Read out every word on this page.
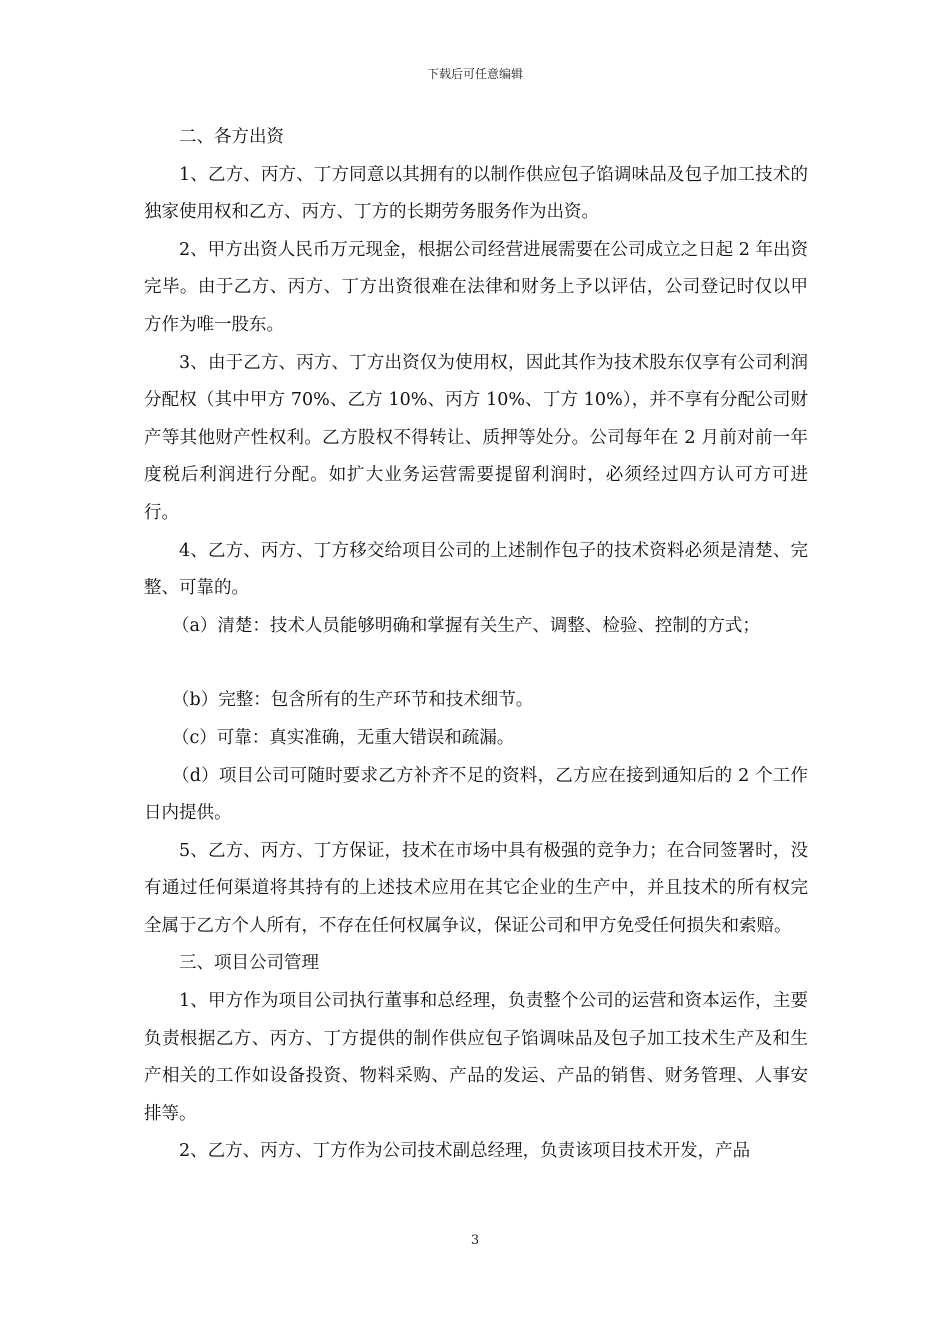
下载后可任意编辑

二、各方出资

1、乙方、丙方、丁方同意以其拥有的以制作供应包子馅调味品及包子加工技术的独家使用权和乙方、丙方、丁方的长期劳务服务作为出资。

2、甲方出资人民币万元现金，根据公司经营进展需要在公司成立之日起 2 年出资完毕。由于乙方、丙方、丁方出资很难在法律和财务上予以评估，公司登记时仅以甲方作为唯一股东。

3、由于乙方、丙方、丁方出资仅为使用权，因此其作为技术股东仅享有公司利润分配权（其中甲方 70%、乙方 10%、丙方 10%、丁方 10%），并不享有分配公司财产等其他财产性权利。乙方股权不得转让、质押等处分。公司每年在 2 月前对前一年度税后利润进行分配。如扩大业务运营需要提留利润时，必须经过四方认可方可进行。

4、乙方、丙方、丁方移交给项目公司的上述制作包子的技术资料必须是清楚、完整、可靠的。

（a）清楚：技术人员能够明确和掌握有关生产、调整、检验、控制的方式；

（b）完整：包含所有的生产环节和技术细节。

（c）可靠：真实准确，无重大错误和疏漏。

（d）项目公司可随时要求乙方补齐不足的资料，乙方应在接到通知后的 2 个工作日内提供。

5、乙方、丙方、丁方保证，技术在市场中具有极强的竞争力；在合同签署时，没有通过任何渠道将其持有的上述技术应用在其它企业的生产中，并且技术的所有权完全属于乙方个人所有，不存在任何权属争议，保证公司和甲方免受任何损失和索赔。

三、项目公司管理

1、甲方作为项目公司执行董事和总经理，负责整个公司的运营和资本运作，主要负责根据乙方、丙方、丁方提供的制作供应包子馅调味品及包子加工技术生产及和生产相关的工作如设备投资、物料采购、产品的发运、产品的销售、财务管理、人事安排等。

2、乙方、丙方、丁方作为公司技术副总经理，负责该项目技术开发，产品

3
